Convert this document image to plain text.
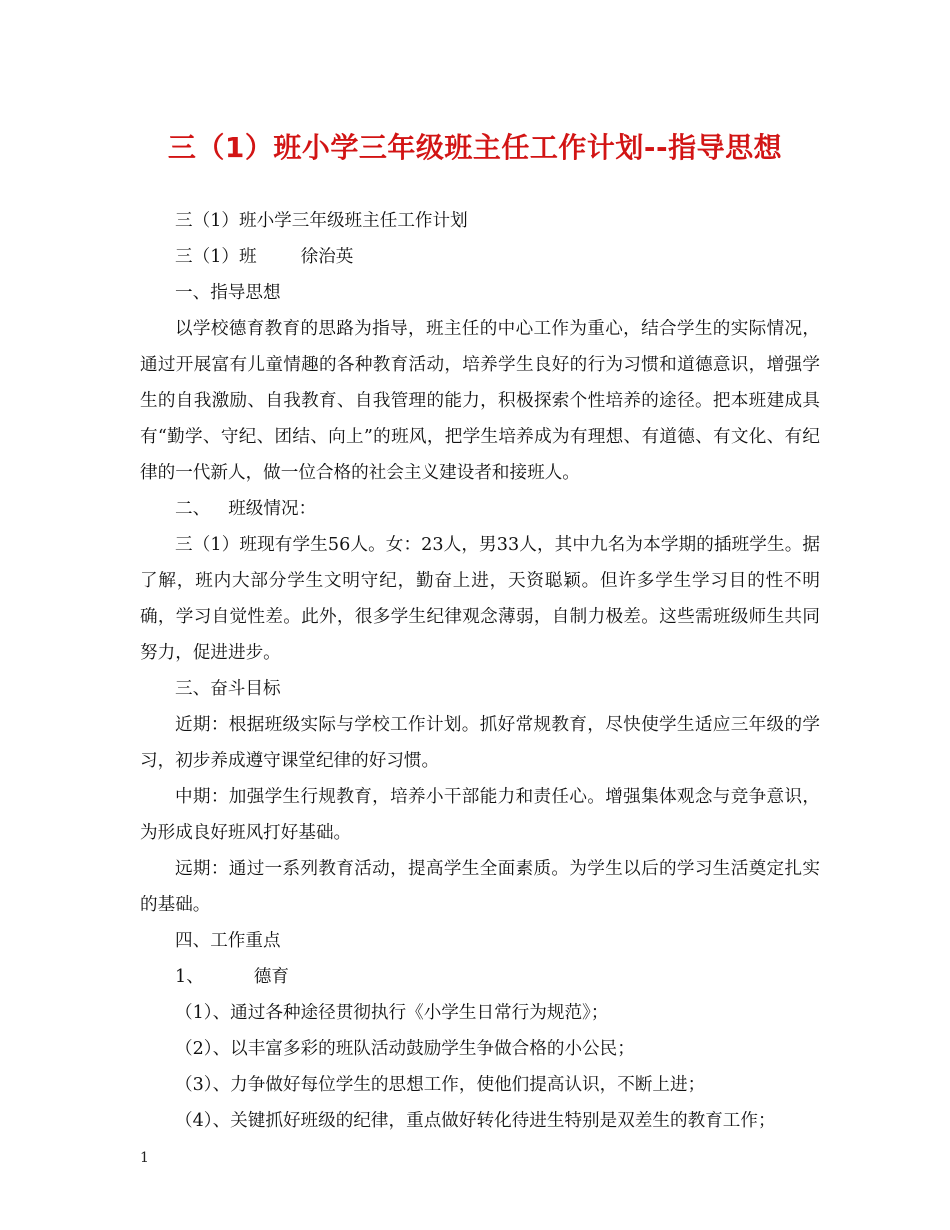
三（1）班小学三年级班主任工作计划--指导思想

三（1）班小学三年级班主任工作计划

三（1）班	徐治英

一、指导思想

以学校德育教育的思路为指导，班主任的中心工作为重心，结合学生的实际情况，通过开展富有儿童情趣的各种教育活动，培养学生良好的行为习惯和道德意识，增强学生的自我激励、自我教育、自我管理的能力，积极探索个性培养的途径。把本班建成具有“勤学、守纪、团结、向上”的班风，把学生培养成为有理想、有道德、有文化、有纪律的一代新人，做一位合格的社会主义建设者和接班人。

二、 班级情况：

三（1）班现有学生56人。女：23人，男33人，其中九名为本学期的插班学生。据了解，班内大部分学生文明守纪，勤奋上进，天资聪颖。但许多学生学习目的性不明确，学习自觉性差。此外，很多学生纪律观念薄弱，自制力极差。这些需班级师生共同努力，促进进步。

三、奋斗目标

近期：根据班级实际与学校工作计划。抓好常规教育，尽快使学生适应三年级的学习，初步养成遵守课堂纪律的好习惯。

中期：加强学生行规教育，培养小干部能力和责任心。增强集体观念与竞争意识，为形成良好班风打好基础。

远期：通过一系列教育活动，提高学生全面素质。为学生以后的学习生活奠定扎实的基础。

四、工作重点

1、	德育

（1）、通过各种途径贯彻执行《小学生日常行为规范》；

（2）、以丰富多彩的班队活动鼓励学生争做合格的小公民；

（3）、力争做好每位学生的思想工作，使他们提高认识，不断上进；

（4）、关键抓好班级的纪律，重点做好转化待进生特别是双差生的教育工作；

1
